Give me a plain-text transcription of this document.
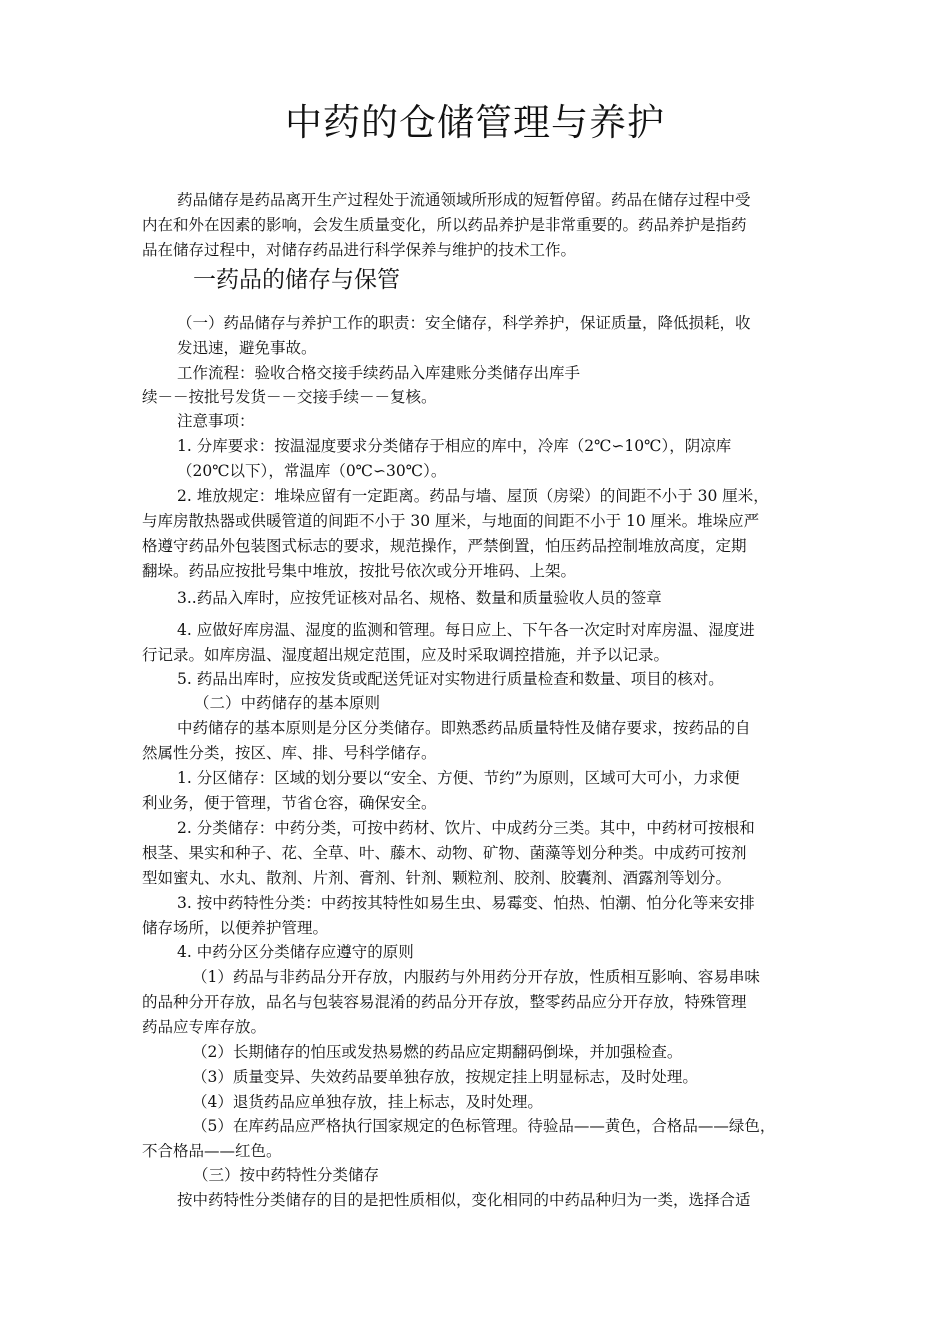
中药的仓储管理与养护

药品储存是药品离开生产过程处于流通领域所形成的短暂停留。药品在储存过程中受

内在和外在因素的影响，会发生质量变化，所以药品养护是非常重要的。药品养护是指药

品在储存过程中，对储存药品进行科学保养与维护的技术工作。

一药品的储存与保管

（一）药品储存与养护工作的职责：安全储存，科学养护，保证质量，降低损耗，收

发迅速，避免事故。

工作流程：验收合格交接手续药品入库建账分类储存出库手

续－－按批号发货－－交接手续－－复核。

注意事项：

1. 分库要求：按温湿度要求分类储存于相应的库中，冷库（2℃∽10℃），阴凉库

（20℃以下），常温库（0℃∽30℃）。

2. 堆放规定：堆垛应留有一定距离。药品与墙、屋顶（房梁）的间距不小于 30 厘米，

与库房散热器或供暖管道的间距不小于 30 厘米，与地面的间距不小于 10 厘米。堆垛应严

格遵守药品外包装图式标志的要求，规范操作，严禁倒置，怕压药品控制堆放高度，定期

翻垛。药品应按批号集中堆放，按批号依次或分开堆码、上架。

3..药品入库时，应按凭证核对品名、规格、数量和质量验收人员的签章

4. 应做好库房温、湿度的监测和管理。每日应上、下午各一次定时对库房温、湿度进

行记录。如库房温、湿度超出规定范围，应及时采取调控措施，并予以记录。

5. 药品出库时，应按发货或配送凭证对实物进行质量检查和数量、项目的核对。

（二）中药储存的基本原则

中药储存的基本原则是分区分类储存。即熟悉药品质量特性及储存要求，按药品的自

然属性分类，按区、库、排、号科学储存。

1. 分区储存：区域的划分要以“安全、方便、节约”为原则，区域可大可小，力求便

利业务，便于管理，节省仓容，确保安全。

2. 分类储存：中药分类，可按中药材、饮片、中成药分三类。其中，中药材可按根和

根茎、果实和种子、花、全草、叶、藤木、动物、矿物、菌藻等划分种类。中成药可按剂

型如蜜丸、水丸、散剂、片剂、膏剂、针剂、颗粒剂、胶剂、胶囊剂、酒露剂等划分。

3. 按中药特性分类：中药按其特性如易生虫、易霉变、怕热、怕潮、怕分化等来安排

储存场所，以便养护管理。

4. 中药分区分类储存应遵守的原则

（1）药品与非药品分开存放，内服药与外用药分开存放，性质相互影响、容易串味

的品种分开存放，品名与包装容易混淆的药品分开存放，整零药品应分开存放，特殊管理

药品应专库存放。

（2）长期储存的怕压或发热易燃的药品应定期翻码倒垛，并加强检查。

（3）质量变异、失效药品要单独存放，按规定挂上明显标志，及时处理。

（4）退货药品应单独存放，挂上标志，及时处理。

（5）在库药品应严格执行国家规定的色标管理。待验品——黄色，合格品——绿色，

不合格品——红色。

（三）按中药特性分类储存

按中药特性分类储存的目的是把性质相似，变化相同的中药品种归为一类，选择合适
